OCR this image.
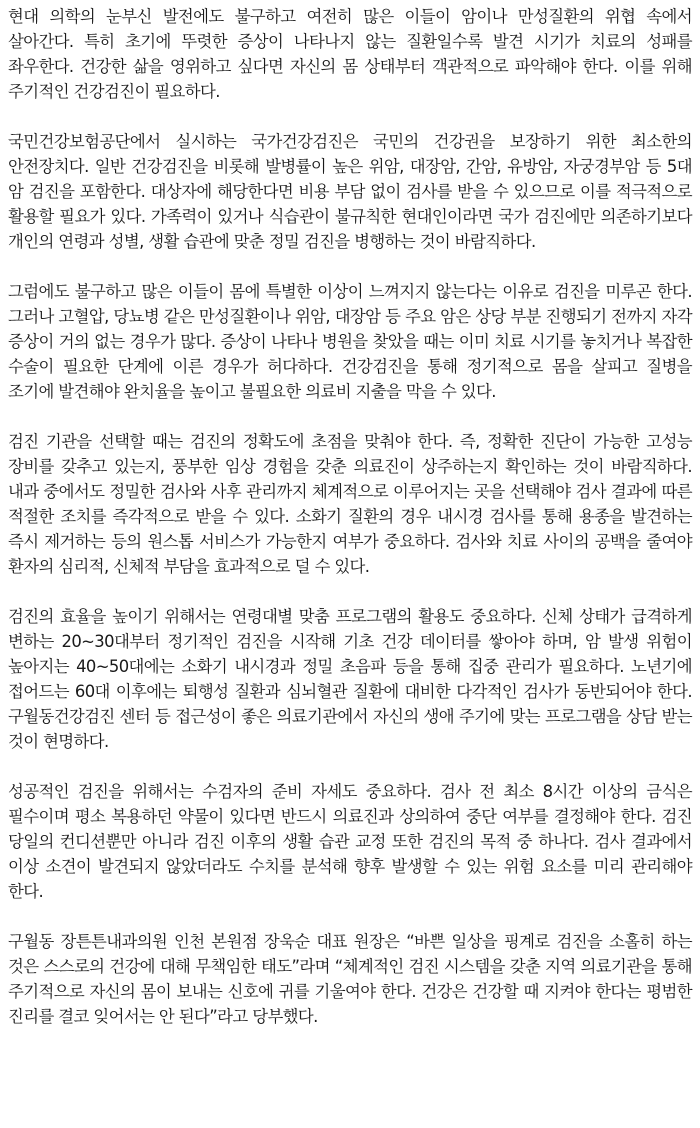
현대 의학의 눈부신 발전에도 불구하고 여전히 많은 이들이 암이나 만성질환의 위협 속에서 살아간다. 특히 초기에 뚜렷한 증상이 나타나지 않는 질환일수록 발견 시기가 치료의 성패를 좌우한다. 건강한 삶을 영위하고 싶다면 자신의 몸 상태부터 객관적으로 파악해야 한다. 이를 위해 주기적인 건강검진이 필요하다.

국민건강보험공단에서 실시하는 국가건강검진은 국민의 건강권을 보장하기 위한 최소한의 안전장치다. 일반 건강검진을 비롯해 발병률이 높은 위암, 대장암, 간암, 유방암, 자궁경부암 등 5대 암 검진을 포함한다. 대상자에 해당한다면 비용 부담 없이 검사를 받을 수 있으므로 이를 적극적으로 활용할 필요가 있다. 가족력이 있거나 식습관이 불규칙한 현대인이라면 국가 검진에만 의존하기보다 개인의 연령과 성별, 생활 습관에 맞춘 정밀 검진을 병행하는 것이 바람직하다.

그럼에도 불구하고 많은 이들이 몸에 특별한 이상이 느껴지지 않는다는 이유로 검진을 미루곤 한다. 그러나 고혈압, 당뇨병 같은 만성질환이나 위암, 대장암 등 주요 암은 상당 부분 진행되기 전까지 자각 증상이 거의 없는 경우가 많다. 증상이 나타나 병원을 찾았을 때는 이미 치료 시기를 놓치거나 복잡한 수술이 필요한 단계에 이른 경우가 허다하다. 건강검진을 통해 정기적으로 몸을 살피고 질병을 조기에 발견해야 완치율을 높이고 불필요한 의료비 지출을 막을 수 있다.

검진 기관을 선택할 때는 검진의 정확도에 초점을 맞춰야 한다. 즉, 정확한 진단이 가능한 고성능 장비를 갖추고 있는지, 풍부한 임상 경험을 갖춘 의료진이 상주하는지 확인하는 것이 바람직하다. 내과 중에서도 정밀한 검사와 사후 관리까지 체계적으로 이루어지는 곳을 선택해야 검사 결과에 따른 적절한 조치를 즉각적으로 받을 수 있다. 소화기 질환의 경우 내시경 검사를 통해 용종을 발견하는 즉시 제거하는 등의 원스톱 서비스가 가능한지 여부가 중요하다. 검사와 치료 사이의 공백을 줄여야 환자의 심리적, 신체적 부담을 효과적으로 덜 수 있다.

검진의 효율을 높이기 위해서는 연령대별 맞춤 프로그램의 활용도 중요하다. 신체 상태가 급격하게 변하는 20~30대부터 정기적인 검진을 시작해 기초 건강 데이터를 쌓아야 하며, 암 발생 위험이 높아지는 40~50대에는 소화기 내시경과 정밀 초음파 등을 통해 집중 관리가 필요하다. 노년기에 접어드는 60대 이후에는 퇴행성 질환과 심뇌혈관 질환에 대비한 다각적인 검사가 동반되어야 한다. 구월동건강검진 센터 등 접근성이 좋은 의료기관에서 자신의 생애 주기에 맞는 프로그램을 상담 받는 것이 현명하다.

성공적인 검진을 위해서는 수검자의 준비 자세도 중요하다. 검사 전 최소 8시간 이상의 금식은 필수이며 평소 복용하던 약물이 있다면 반드시 의료진과 상의하여 중단 여부를 결정해야 한다. 검진 당일의 컨디션뿐만 아니라 검진 이후의 생활 습관 교정 또한 검진의 목적 중 하나다. 검사 결과에서 이상 소견이 발견되지 않았더라도 수치를 분석해 향후 발생할 수 있는 위험 요소를 미리 관리해야 한다.

구월동 장튼튼내과의원 인천 본원점 장욱순 대표 원장은 “바쁜 일상을 핑계로 검진을 소홀히 하는 것은 스스로의 건강에 대해 무책임한 태도”라며 “체계적인 검진 시스템을 갖춘 지역 의료기관을 통해 주기적으로 자신의 몸이 보내는 신호에 귀를 기울여야 한다. 건강은 건강할 때 지켜야 한다는 평범한 진리를 결코 잊어서는 안 된다”라고 당부했다.
